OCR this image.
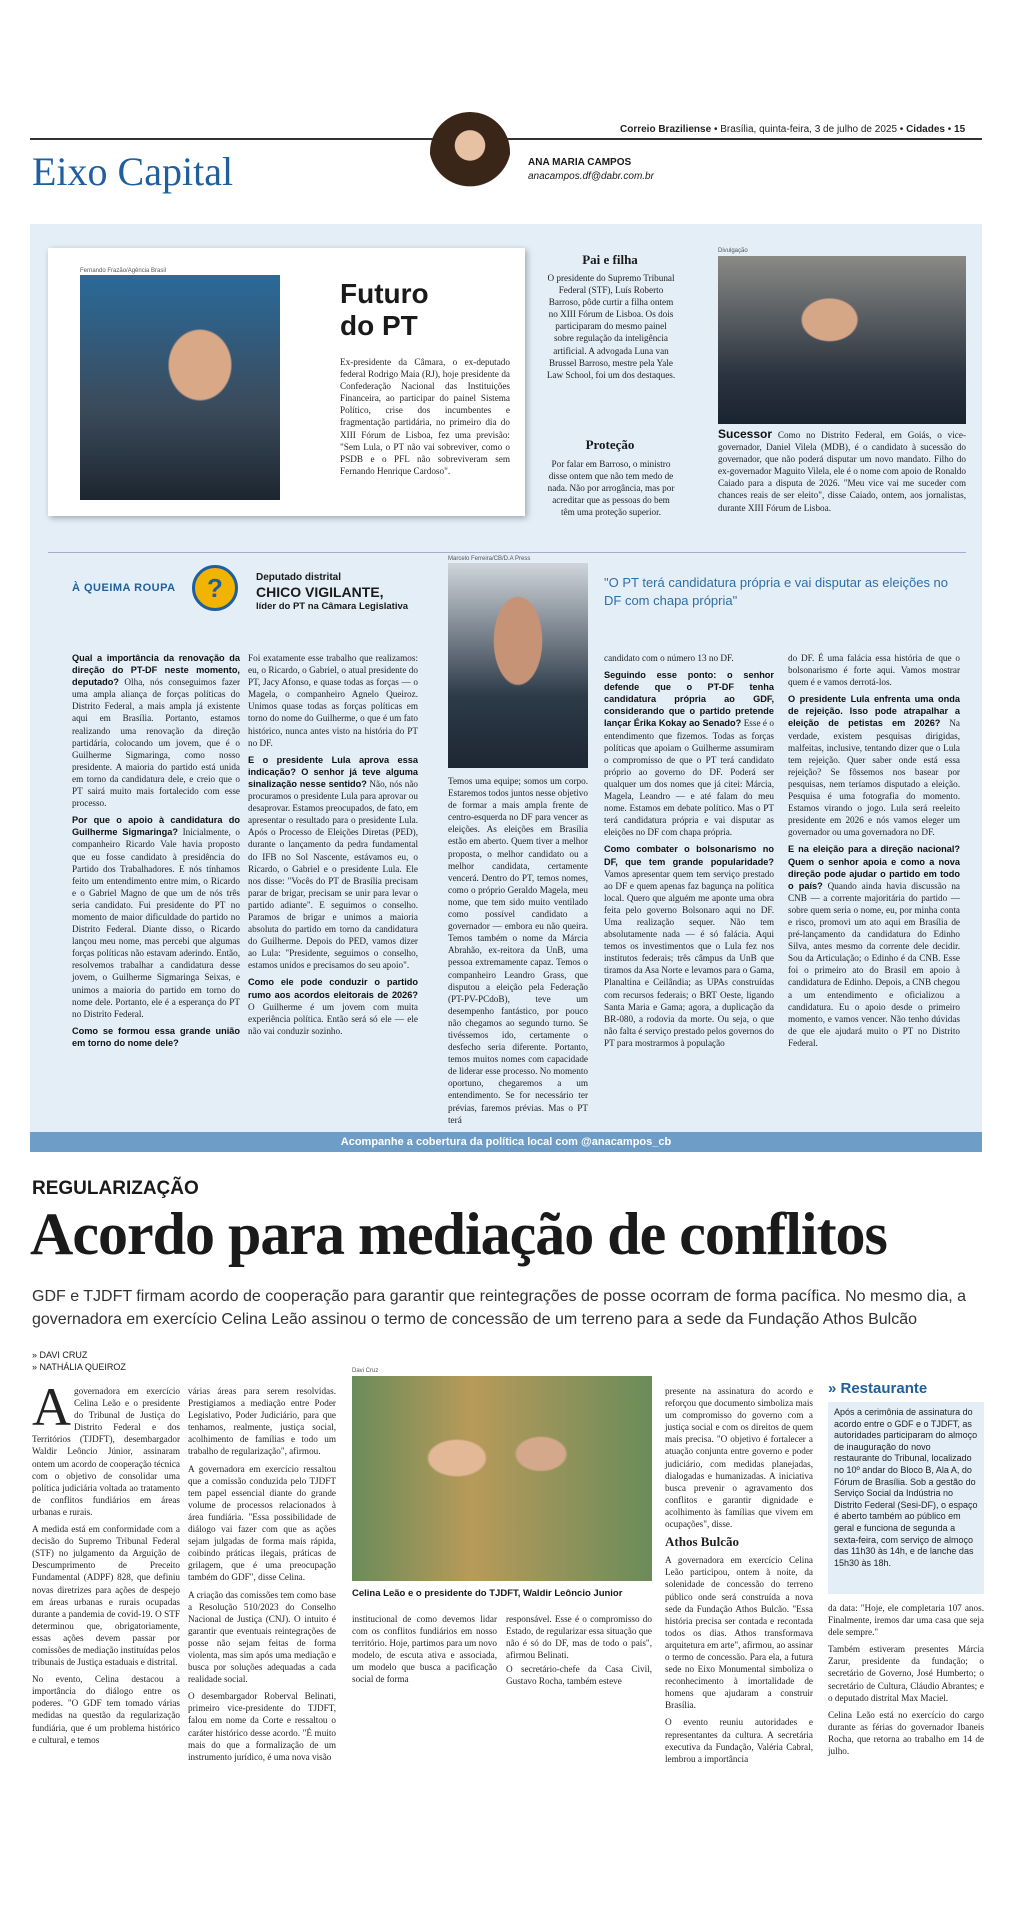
Correio Braziliense • Brasília, quinta-feira, 3 de julho de 2025 • Cidades • 15
Eixo Capital	ANA MARIA CAMPOS
anacampos.df@dabr.com.br
Fernando Frazão/Agência Brasil
Futuro
do PT
Ex-presidente da Câmara, o ex-deputado federal Rodrigo Maia (RJ), hoje presidente da Confederação Nacional das Instituições Financeira, ao participar do painel Sistema Político, crise dos incumbentes e fragmentação partidária, no primeiro dia do XIII Fórum de Lisboa, fez uma previsão: "Sem Lula, o PT não vai sobreviver, como o PSDB e o PFL não sobreviveram sem Fernando Henrique Cardoso".
Pai e filha
O presidente do Supremo Tribunal Federal (STF), Luís Roberto Barroso, pôde curtir a filha ontem no XIII Fórum de Lisboa. Os dois participaram do mesmo painel sobre regulação da inteligência artificial. A advogada Luna van Brussel Barroso, mestre pela Yale Law School, foi um dos destaques.
Proteção
Por falar em Barroso, o ministro disse ontem que não tem medo de nada. Não por arrogância, mas por acreditar que as pessoas do bem têm uma proteção superior.
Divulgação
Sucessor Como no Distrito Federal, em Goiás, o vice-governador, Daniel Vilela (MDB), é o candidato à sucessão do governador, que não poderá disputar um novo mandato. Filho do ex-governador Maguito Vilela, ele é o nome com apoio de Ronaldo Caiado para a disputa de 2026. "Meu vice vai me suceder com chances reais de ser eleito", disse Caiado, ontem, aos jornalistas, durante XIII Fórum de Lisboa.
À QUEIMA ROUPA	?	Deputado distrital
CHICO VIGILANTE,
líder do PT na Câmara Legislativa
Marcelo Ferreira/CB/D.A Press
"O PT terá candidatura própria e vai disputar as eleições no DF com chapa própria"

Qual a importância da renovação da direção do PT-DF neste momento, deputado? Olha, nós conseguimos fazer uma ampla aliança de forças políticas do Distrito Federal, a mais ampla já existente aqui em Brasília. Portanto, estamos realizando uma renovação da direção partidária, colocando um jovem, que é o Guilherme Sigmaringa, como nosso presidente. A maioria do partido está unida em torno da candidatura dele, e creio que o PT sairá muito mais fortalecido com esse processo.

Por que o apoio à candidatura do Guilherme Sigmaringa? Inicialmente, o companheiro Ricardo Vale havia proposto que eu fosse candidato à presidência do Partido dos Trabalhadores. E nós tínhamos feito um entendimento entre mim, o Ricardo e o Gabriel Magno de que um de nós três seria candidato. Fui presidente do PT no momento de maior dificuldade do partido no Distrito Federal. Diante disso, o Ricardo lançou meu nome, mas percebi que algumas forças políticas não estavam aderindo. Então, resolvemos trabalhar a candidatura desse jovem, o Guilherme Sigmaringa Seixas, e unimos a maioria do partido em torno do nome dele. Portanto, ele é a esperança do PT no Distrito Federal.

Como se formou essa grande união em torno do nome dele?

Foi exatamente esse trabalho que realizamos: eu, o Ricardo, o Gabriel, o atual presidente do PT, Jacy Afonso, e quase todas as forças — o Magela, o companheiro Agnelo Queiroz. Unimos quase todas as forças políticas em torno do nome do Guilherme, o que é um fato histórico, nunca antes visto na história do PT no DF.

E o presidente Lula aprova essa indicação? O senhor já teve alguma sinalização nesse sentido? Não, nós não procuramos o presidente Lula para aprovar ou desaprovar. Estamos preocupados, de fato, em apresentar o resultado para o presidente Lula. Após o Processo de Eleições Diretas (PED), durante o lançamento da pedra fundamental do IFB no Sol Nascente, estávamos eu, o Ricardo, o Gabriel e o presidente Lula. Ele nos disse: "Vocês do PT de Brasília precisam parar de brigar, precisam se unir para levar o partido adiante". E seguimos o conselho. Paramos de brigar e unimos a maioria absoluta do partido em torno da candidatura do Guilherme. Depois do PED, vamos dizer ao Lula: "Presidente, seguimos o conselho, estamos unidos e precisamos do seu apoio".

Como ele pode conduzir o partido rumo aos acordos eleitorais de 2026? O Guilherme é um jovem com muita experiência política. Então será só ele — ele não vai conduzir sozinho.

Temos uma equipe; somos um corpo. Estaremos todos juntos nesse objetivo de formar a mais ampla frente de centro-esquerda no DF para vencer as eleições. As eleições em Brasília estão em aberto. Quem tiver a melhor proposta, o melhor candidato ou a melhor candidata, certamente vencerá. Dentro do PT, temos nomes, como o próprio Geraldo Magela, meu nome, que tem sido muito ventilado como possível candidato a governador — embora eu não queira. Temos também o nome da Márcia Abrahão, ex-reitora da UnB, uma pessoa extremamente capaz. Temos o companheiro Leandro Grass, que disputou a eleição pela Federação (PT-PV-PCdoB), teve um desempenho fantástico, por pouco não chegamos ao segundo turno. Se tivéssemos ido, certamente o desfecho seria diferente. Portanto, temos muitos nomes com capacidade de liderar esse processo. No momento oportuno, chegaremos a um entendimento. Se for necessário ter prévias, faremos prévias. Mas o PT terá

candidato com o número 13 no DF.

Seguindo esse ponto: o senhor defende que o PT-DF tenha candidatura própria ao GDF, considerando que o partido pretende lançar Érika Kokay ao Senado? Esse é o entendimento que fizemos. Todas as forças políticas que apoiam o Guilherme assumiram o compromisso de que o PT terá candidato próprio ao governo do DF. Poderá ser qualquer um dos nomes que já citei: Márcia, Magela, Leandro — e até falam do meu nome. Estamos em debate político. Mas o PT terá candidatura própria e vai disputar as eleições no DF com chapa própria.

Como combater o bolsonarismo no DF, que tem grande popularidade? Vamos apresentar quem tem serviço prestado ao DF e quem apenas faz bagunça na política local. Quero que alguém me aponte uma obra feita pelo governo Bolsonaro aqui no DF. Uma realização sequer. Não tem absolutamente nada — é só falácia. Aqui temos os investimentos que o Lula fez nos institutos federais; três câmpus da UnB que tiramos da Asa Norte e levamos para o Gama, Planaltina e Ceilândia; as UPAs construídas com recursos federais; o BRT Oeste, ligando Santa Maria e Gama; agora, a duplicação da BR-080, a rodovia da morte. Ou seja, o que não falta é serviço prestado pelos governos do PT para mostrarmos à população

do DF. É uma falácia essa história de que o bolsonarismo é forte aqui. Vamos mostrar quem é e vamos derrotá-los.

O presidente Lula enfrenta uma onda de rejeição. Isso pode atrapalhar a eleição de petistas em 2026? Na verdade, existem pesquisas dirigidas, malfeitas, inclusive, tentando dizer que o Lula tem rejeição. Quer saber onde está essa rejeição? Se fôssemos nos basear por pesquisas, nem teríamos disputado a eleição. Pesquisa é uma fotografia do momento. Estamos virando o jogo. Lula será reeleito presidente em 2026 e nós vamos eleger um governador ou uma governadora no DF.

E na eleição para a direção nacional? Quem o senhor apoia e como a nova direção pode ajudar o partido em todo o país? Quando ainda havia discussão na CNB — a corrente majoritária do partido — sobre quem seria o nome, eu, por minha conta e risco, promovi um ato aqui em Brasília de pré-lançamento da candidatura do Edinho Silva, antes mesmo da corrente dele decidir. Sou da Articulação; o Edinho é da CNB. Esse foi o primeiro ato do Brasil em apoio à candidatura de Edinho. Depois, a CNB chegou a um entendimento e oficializou a candidatura. Eu o apoio desde o primeiro momento, e vamos vencer. Não tenho dúvidas de que ele ajudará muito o PT no Distrito Federal.

Acompanhe a cobertura da política local com @anacampos_cb
REGULARIZAÇÃO
Acordo para mediação de conflitos
GDF e TJDFT firmam acordo de cooperação para garantir que reintegrações de posse ocorram de forma pacífica. No mesmo dia, a governadora em exercício Celina Leão assinou o termo de concessão de um terreno para a sede da Fundação Athos Bulcão
» DAVI CRUZ
» NATHÁLIA QUEIROZ

Agovernadora em exercício Celina Leão e o presidente do Tribunal de Justiça do Distrito Federal e dos Territórios (TJDFT), desembargador Waldir Leôncio Júnior, assinaram ontem um acordo de cooperação técnica com o objetivo de consolidar uma política judiciária voltada ao tratamento de conflitos fundiários em áreas urbanas e rurais.

A medida está em conformidade com a decisão do Supremo Tribunal Federal (STF) no julgamento da Arguição de Descumprimento de Preceito Fundamental (ADPF) 828, que definiu novas diretrizes para ações de despejo em áreas urbanas e rurais ocupadas durante a pandemia de covid-19. O STF determinou que, obrigatoriamente, essas ações devem passar por comissões de mediação instituídas pelos tribunais de Justiça estaduais e distrital.

No evento, Celina destacou a importância do diálogo entre os poderes. "O GDF tem tomado várias medidas na questão da regularização fundiária, que é um problema histórico e cultural, e temos

várias áreas para serem resolvidas. Prestigiamos a mediação entre Poder Legislativo, Poder Judiciário, para que tenhamos, realmente, justiça social, acolhimento de famílias e todo um trabalho de regularização", afirmou.

A governadora em exercício ressaltou que a comissão conduzida pelo TJDFT tem papel essencial diante do grande volume de processos relacionados à área fundiária. "Essa possibilidade de diálogo vai fazer com que as ações sejam julgadas de forma mais rápida, coibindo práticas ilegais, práticas de grilagem, que é uma preocupação também do GDF", disse Celina.

A criação das comissões tem como base a Resolução 510/2023 do Conselho Nacional de Justiça (CNJ). O intuito é garantir que eventuais reintegrações de posse não sejam feitas de forma violenta, mas sim após uma mediação e busca por soluções adequadas a cada realidade social.

O desembargador Roberval Belinati, primeiro vice-presidente do TJDFT, falou em nome da Corte e ressaltou o caráter histórico desse acordo. "É muito mais do que a formalização de um instrumento jurídico, é uma nova visão

Davi Cruz
Celina Leão e o presidente do TJDFT, Waldir Leôncio Junior
institucional de como devemos lidar com os conflitos fundiários em nosso território. Hoje, partimos para um novo modelo, de escuta ativa e associada, um modelo que busca a pacificação social de forma
responsável. Esse é o compromisso do Estado, de regularizar essa situação que não é só do DF, mas de todo o país", afirmou Belinati.
O secretário-chefe da Casa Civil, Gustavo Rocha, também esteve

presente na assinatura do acordo e reforçou que documento simboliza mais um compromisso do governo com a justiça social e com os direitos de quem mais precisa. "O objetivo é fortalecer a atuação conjunta entre governo e poder judiciário, com medidas planejadas, dialogadas e humanizadas. A iniciativa busca prevenir o agravamento dos conflitos e garantir dignidade e acolhimento às famílias que vivem em ocupações", disse.

Athos Bulcão

A governadora em exercício Celina Leão participou, ontem à noite, da solenidade de concessão do terreno público onde será construída a nova sede da Fundação Athos Bulcão. "Essa história precisa ser contada e recontada todos os dias. Athos transformava arquitetura em arte", afirmou, ao assinar o termo de concessão. Para ela, a futura sede no Eixo Monumental simboliza o reconhecimento à imortalidade de homens que ajudaram a construir Brasília.

O evento reuniu autoridades e representantes da cultura. A secretária executiva da Fundação, Valéria Cabral, lembrou a importância

» Restaurante
Após a cerimônia de assinatura do acordo entre o GDF e o TJDFT, as autoridades participaram do almoço de inauguração do novo restaurante do Tribunal, localizado no 10º andar do Bloco B, Ala A, do Fórum de Brasília. Sob a gestão do Serviço Social da Indústria no Distrito Federal (Sesi-DF), o espaço é aberto também ao público em geral e funciona de segunda a sexta-feira, com serviço de almoço das 11h30 às 14h, e de lanche das 15h30 às 18h.

da data: "Hoje, ele completaria 107 anos. Finalmente, iremos dar uma casa que seja dele sempre."

Também estiveram presentes Márcia Zarur, presidente da fundação; o secretário de Governo, José Humberto; o secretário de Cultura, Cláudio Abrantes; e o deputado distrital Max Maciel.

Celina Leão está no exercício do cargo durante as férias do governador Ibaneis Rocha, que retorna ao trabalho em 14 de julho.
